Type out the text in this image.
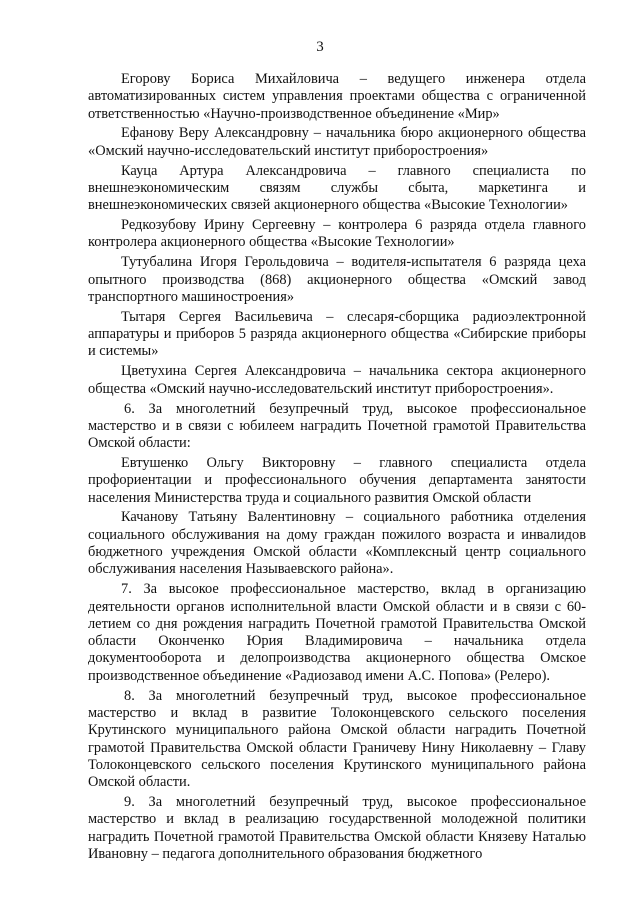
3

Егорову Бориса Михайловича – ведущего инженера отдела автоматизированных систем управления проектами общества с ограниченной ответственностью «Научно-производственное объединение «Мир»

Ефанову Веру Александровну – начальника бюро акционерного общества «Омский научно-исследовательский институт приборостроения»

Кауца Артура Александровича – главного специалиста по внешнеэкономическим связям службы сбыта, маркетинга и внешнеэкономических связей акционерного общества «Высокие Технологии»

Редкозубову Ирину Сергеевну – контролера 6 разряда отдела главного контролера акционерного общества «Высокие Технологии»

Тутубалина Игоря Герольдовича – водителя-испытателя 6 разряда цеха опытного производства (868) акционерного общества «Омский завод транспортного машиностроения»

Тытаря Сергея Васильевича – слесаря-сборщика радиоэлектронной аппаратуры и приборов 5 разряда акционерного общества «Сибирские приборы и системы»

Цветухина Сергея Александровича – начальника сектора акционерного общества «Омский научно-исследовательский институт приборостроения».

6. За многолетний безупречный труд, высокое профессиональное мастерство и в связи с юбилеем наградить Почетной грамотой Правительства Омской области:

Евтушенко Ольгу Викторовну – главного специалиста отдела профориентации и профессионального обучения департамента занятости населения Министерства труда и социального развития Омской области

Качанову Татьяну Валентиновну – социального работника отделения социального обслуживания на дому граждан пожилого возраста и инвалидов бюджетного учреждения Омской области «Комплексный центр социального обслуживания населения Называевского района».

7. За высокое профессиональное мастерство, вклад в организацию деятельности органов исполнительной власти Омской области и в связи с 60-летием со дня рождения наградить Почетной грамотой Правительства Омской области Оконченко Юрия Владимировича – начальника отдела документооборота и делопроизводства акционерного общества Омское производственное объединение «Радиозавод имени А.С. Попова» (Релеро).

8. За многолетний безупречный труд, высокое профессиональное мастерство и вклад в развитие Толоконцевского сельского поселения Крутинского муниципального района Омской области наградить Почетной грамотой Правительства Омской области Граничеву Нину Николаевну – Главу Толоконцевского сельского поселения Крутинского муниципального района Омской области.

9. За многолетний безупречный труд, высокое профессиональное мастерство и вклад в реализацию государственной молодежной политики наградить Почетной грамотой Правительства Омской области Князеву Наталью Ивановну – педагога дополнительного образования бюджетного
